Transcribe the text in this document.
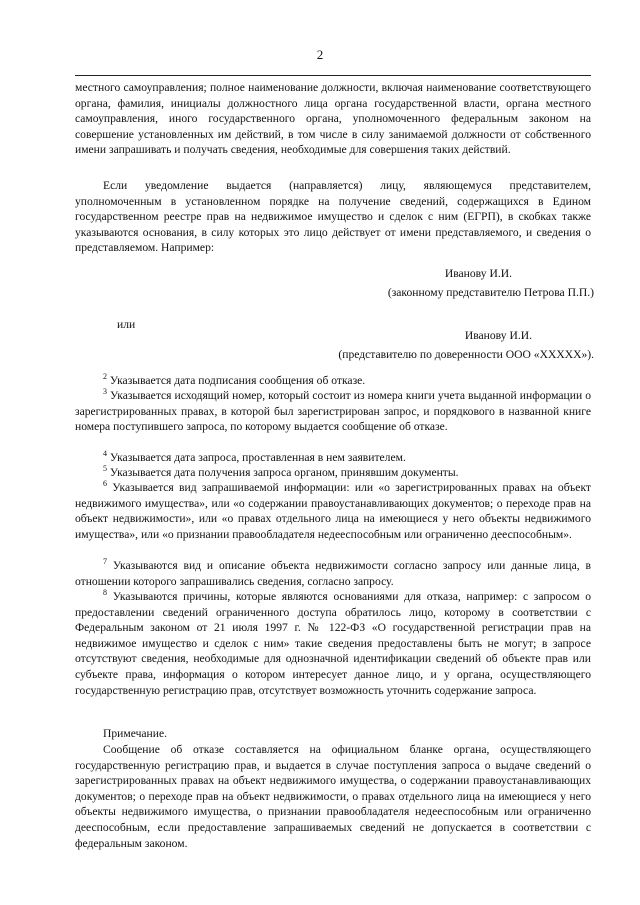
2

местного самоуправления; полное наименование должности, включая наименование соответствующего органа, фамилия, инициалы должностного лица органа государственной власти, органа местного самоуправления, иного государственного органа, уполномоченного федеральным законом на совершение установленных им действий, в том числе в силу занимаемой должности от собственного имени запрашивать и получать сведения, необходимые для совершения таких действий.

Если уведомление выдается (направляется) лицу, являющемуся представителем, уполномоченным в установленном порядке на получение сведений, содержащихся в Едином государственном реестре прав на недвижимое имущество и сделок с ним (ЕГРП), в скобках также указываются основания, в силу которых это лицо действует от имени представляемого, и сведения о представляемом. Например:

Иванову И.И.
(законному представителю Петрова П.П.)
или
Иванову И.И.
(представителю по доверенности ООО «XXXXX»).

$^2$ Указывается дата подписания сообщения об отказе.

$^3$ Указывается исходящий номер, который состоит из номера книги учета выданной информации о зарегистрированных правах, в которой был зарегистрирован запрос, и порядкового в названной книге номера поступившего запроса, по которому выдается сообщение об отказе.

$^4$ Указывается дата запроса, проставленная в нем заявителем.

$^5$ Указывается дата получения запроса органом, принявшим документы.

$^6$ Указывается вид запрашиваемой информации: или «о зарегистрированных правах на объект недвижимого имущества», или «о содержании правоустанавливающих документов; о переходе прав на объект недвижимости», или «о правах отдельного лица на имеющиеся у него объекты недвижимого имущества», или «о признании правообладателя недееспособным или ограниченно дееспособным».

$^7$ Указываются вид и описание объекта недвижимости согласно запросу или данные лица, в отношении которого запрашивались сведения, согласно запросу.

$^8$ Указываются причины, которые являются основаниями для отказа, например: с запросом о предоставлении сведений ограниченного доступа обратилось лицо, которому в соответствии с Федеральным законом от 21 июля 1997 г. № 122-ФЗ «О государственной регистрации прав на недвижимое имущество и сделок с ним» такие сведения предоставлены быть не могут; в запросе отсутствуют сведения, необходимые для однозначной идентификации сведений об объекте прав или субъекте права, информация о котором интересует данное лицо, и у органа, осуществляющего государственную регистрацию прав, отсутствует возможность уточнить содержание запроса.

Примечание.

Сообщение об отказе составляется на официальном бланке органа, осуществляющего государственную регистрацию прав, и выдается в случае поступления запроса о выдаче сведений о зарегистрированных правах на объект недвижимого имущества, о содержании правоустанавливающих документов; о переходе прав на объект недвижимости, о правах отдельного лица на имеющиеся у него объекты недвижимого имущества, о признании правообладателя недееспособным или ограниченно дееспособным, если предоставление запрашиваемых сведений не допускается в соответствии с федеральным законом.
